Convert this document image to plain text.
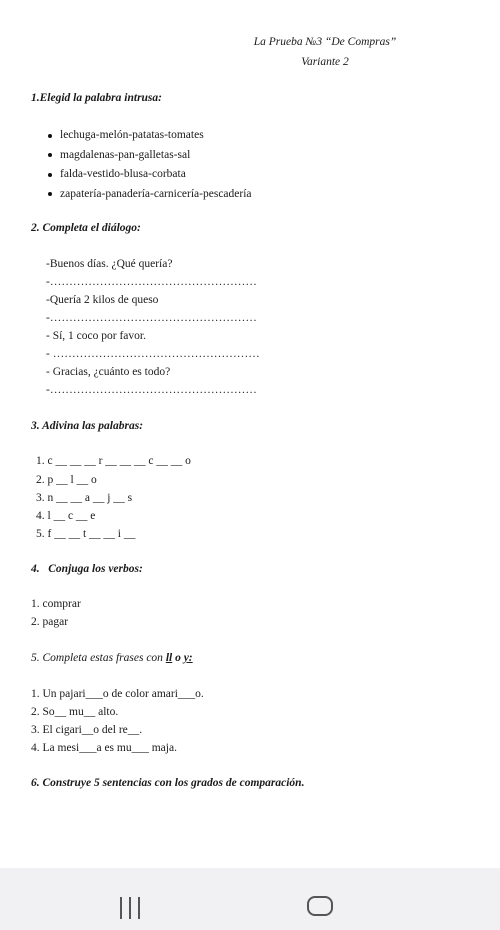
La Prueba №3 “De Compras”
Variante 2
1.Elegid la palabra intrusa:
lechuga-melón-patatas-tomates
magdalenas-pan-galletas-sal
falda-vestido-blusa-corbata
zapatería-panadería-carnicería-pescadería
2. Completa el diálogo:
-Buenos días. ¿Qué quería?
-………………………………………………
-Quería 2 kilos de queso
-………………………………………………
- Sí, 1 coco por favor.
- ………………………………………………
- Gracias, ¿cuánto es todo?
-………………………………………………
3. Adivina las palabras:
1. c __ __ __ r __ __ __ c __ __ o
2. p __ l __ o
3. n __ __ a __ j __ s
4. l __ c __ e
5. f __ __ t __ __ i __
4.   Conjuga los verbos:
1. comprar
2. pagar
5. Completa estas frases con ll o y:
1. Un pajari___o de color amari___o.
2. So__ mu__ alto.
3. El cigari__o del re__.
4. La mesi___a es mu___ maja.
6. Construye 5 sentencias con los grados de comparación.
